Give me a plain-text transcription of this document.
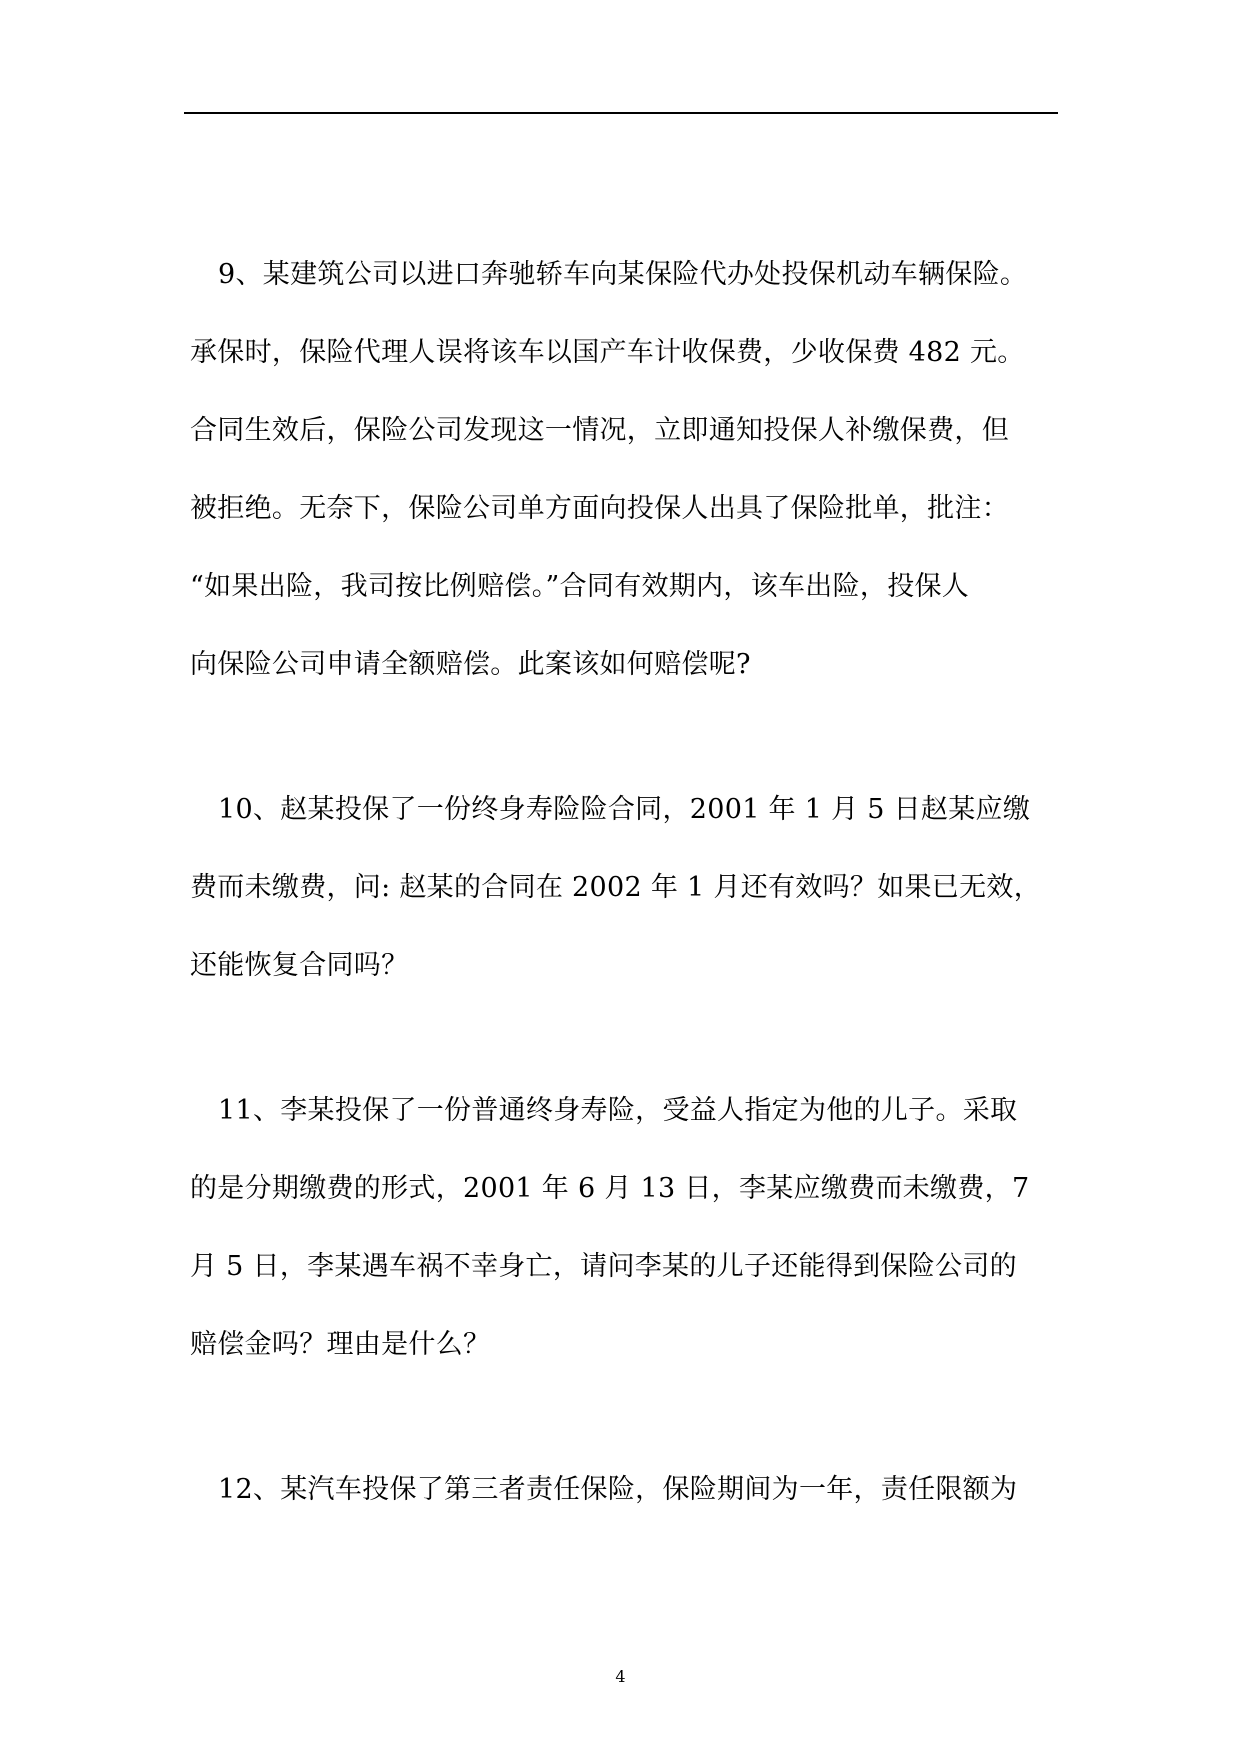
9、某建筑公司以进口奔驰轿车向某保险代办处投保机动车辆保险。
承保时，保险代理人误将该车以国产车计收保费，少收保费 482 元。
合同生效后，保险公司发现这一情况，立即通知投保人补缴保费，但
被拒绝。无奈下，保险公司单方面向投保人出具了保险批单，批注：
“如果出险，我司按比例赔偿。”合同有效期内，该车出险，投保人
向保险公司申请全额赔偿。此案该如何赔偿呢?
10、赵某投保了一份终身寿险险合同，2001 年 1 月 5 日赵某应缴
费而未缴费，问: 赵某的合同在 2002 年 1 月还有效吗？如果已无效，
还能恢复合同吗？
11、李某投保了一份普通终身寿险，受益人指定为他的儿子。采取
的是分期缴费的形式，2001 年 6 月 13 日，李某应缴费而未缴费，7
月 5 日，李某遇车祸不幸身亡，请问李某的儿子还能得到保险公司的
赔偿金吗？理由是什么？
12、某汽车投保了第三者责任保险，保险期间为一年，责任限额为
4
